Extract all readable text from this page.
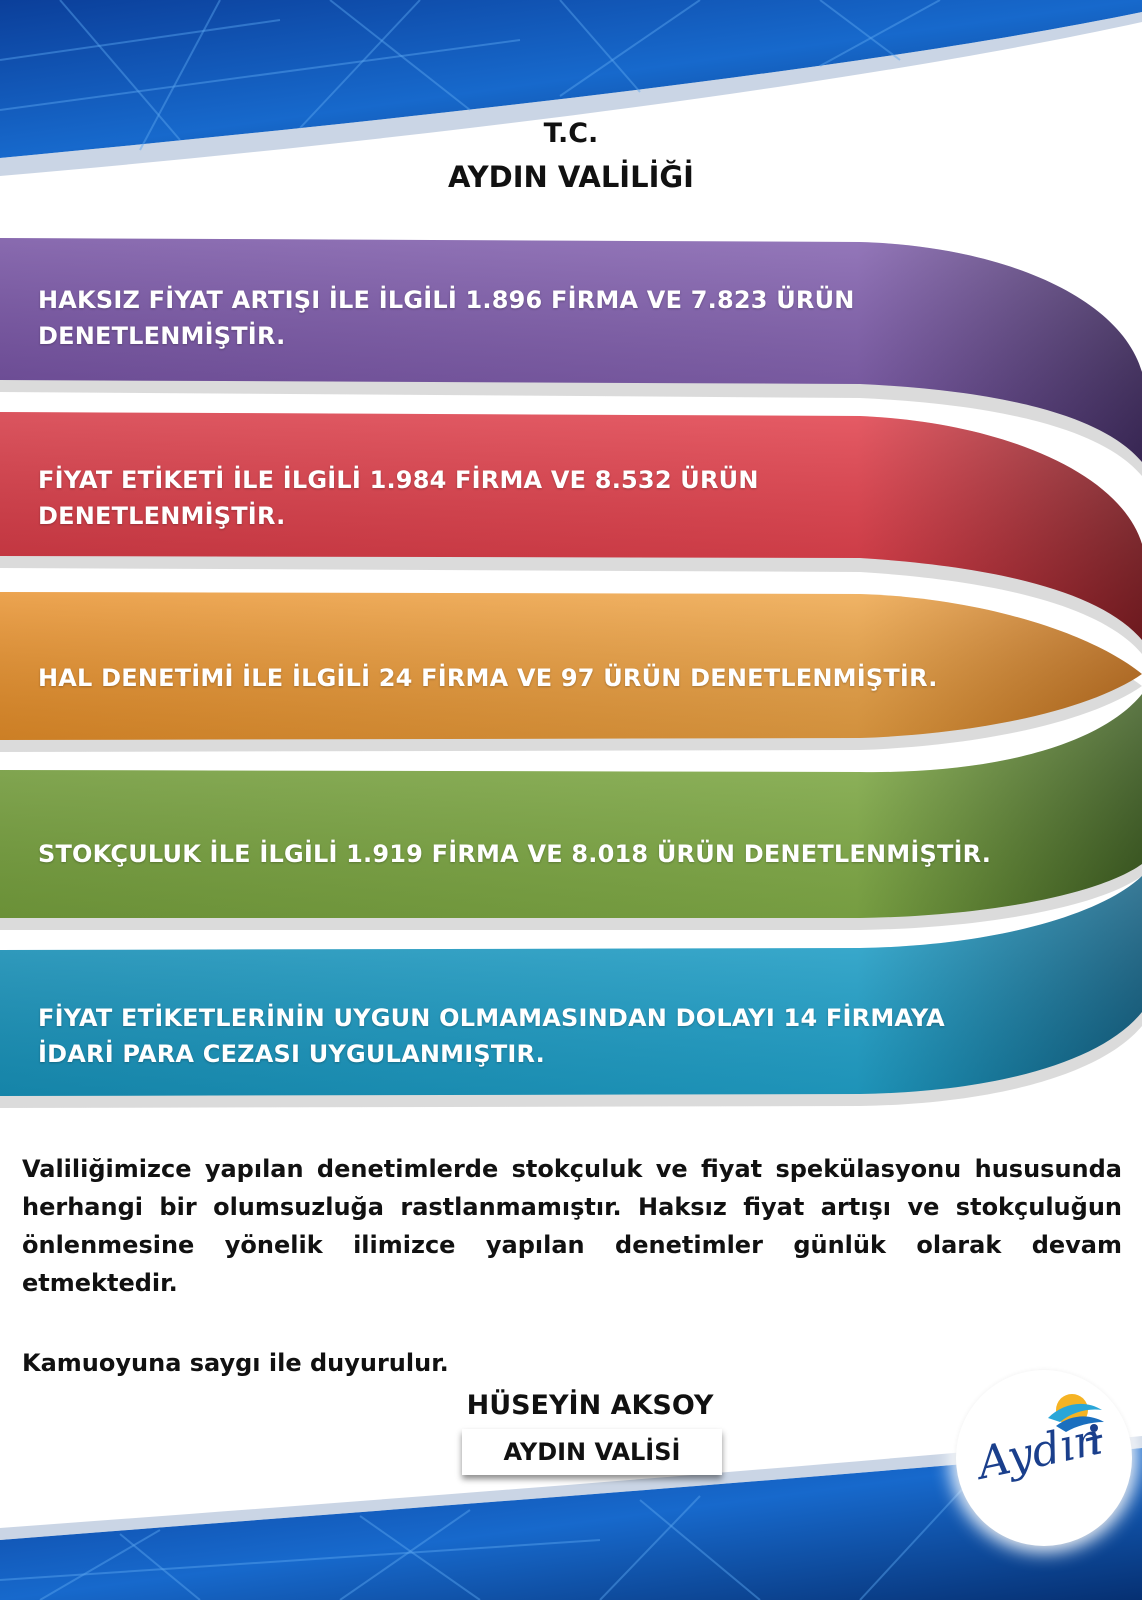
T.C.
AYDIN VALİLİĞİ
HAKSIZ FİYAT ARTIŞI İLE İLGİLİ 1.896 FİRMA VE 7.823 ÜRÜN DENETLENMİŞTİR.
FİYAT ETİKETİ İLE İLGİLİ 1.984 FİRMA VE 8.532 ÜRÜN DENETLENMİŞTİR.
HAL DENETİMİ İLE İLGİLİ 24 FİRMA VE 97 ÜRÜN DENETLENMİŞTİR.
STOKÇULUK İLE İLGİLİ 1.919 FİRMA VE 8.018 ÜRÜN DENETLENMİŞTİR.
FİYAT ETİKETLERİNİN UYGUN OLMAMASINDAN DOLAYI 14 FİRMAYA İDARİ PARA CEZASI UYGULANMIŞTIR.
Valiliğimizce yapılan denetimlerde stokçuluk ve fiyat spekülasyonu hususunda herhangi bir olumsuzluğa rastlanmamıştır. Haksız fiyat artışı ve stokçuluğun önlenmesine yönelik ilimizce yapılan denetimler günlük olarak devam etmektedir.
Kamuoyuna saygı ile duyurulur.
HÜSEYİN AKSOY
AYDIN VALİSİ	Aydın
